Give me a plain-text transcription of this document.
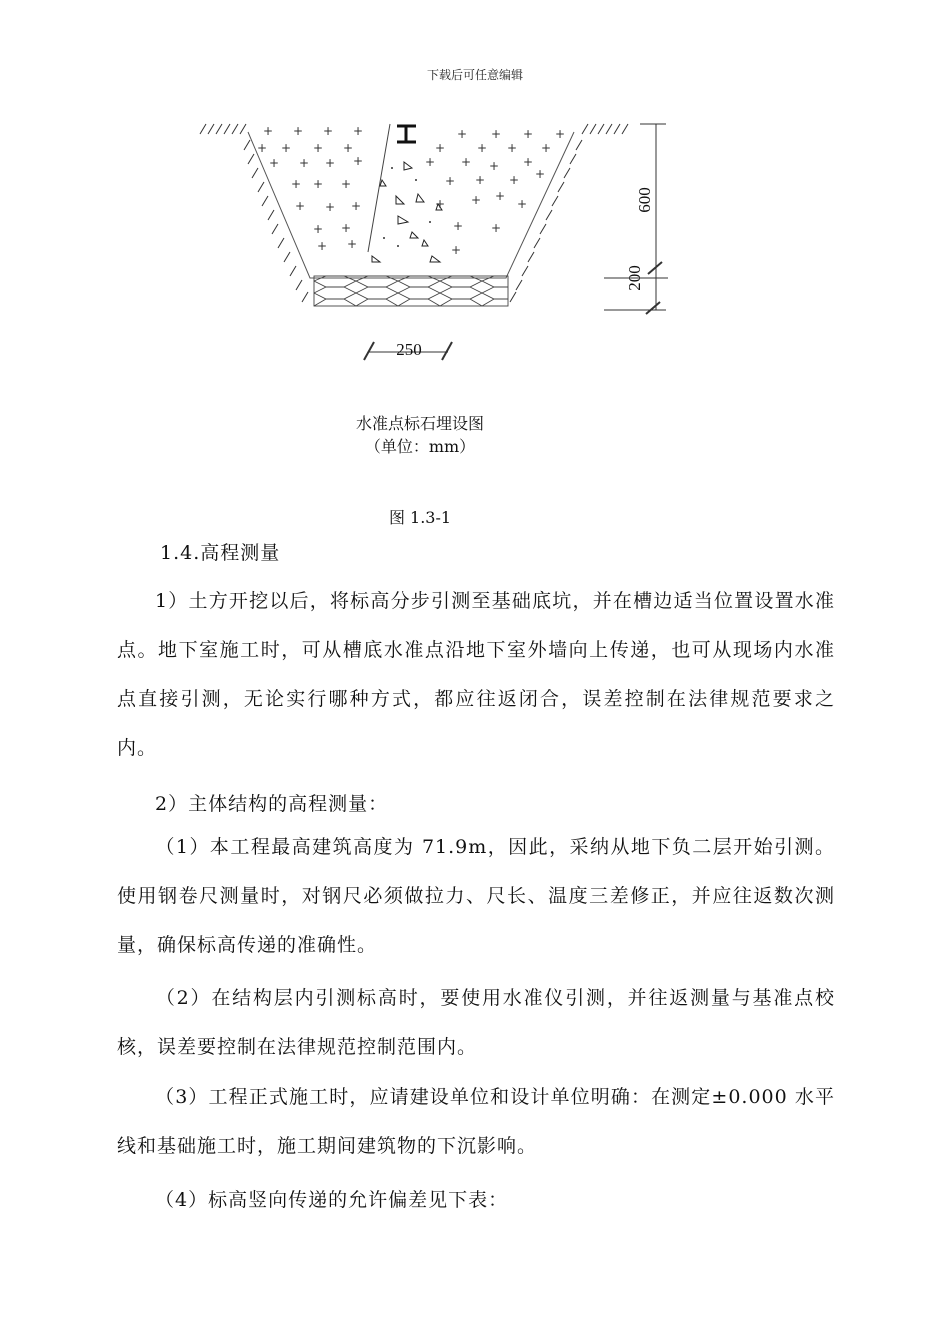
下载后可任意编辑
+ + + +	+ + + +
+ + + +	+	+ + +
+ + + +	+ + + +
+ + +	+ + + +
+ + +	+ + +
+
+ +	+ +
+ +	+
600
200
250
水准点标石埋设图
（单位：mm）
图 1.3-1
1.4.高程测量
1）土方开挖以后，将标高分步引测至基础底坑，并在槽边适当位置设置水准点。地下室施工时，可从槽底水准点沿地下室外墙向上传递，也可从现场内水准点直接引测，无论实行哪种方式，都应往返闭合，误差控制在法律规范要求之内。
2）主体结构的高程测量：
（1）本工程最高建筑高度为 71.9m，因此，采纳从地下负二层开始引测。使用钢卷尺测量时，对钢尺必须做拉力、尺长、温度三差修正，并应往返数次测量，确保标高传递的准确性。
（2）在结构层内引测标高时，要使用水准仪引测，并往返测量与基准点校核，误差要控制在法律规范控制范围内。
（3）工程正式施工时，应请建设单位和设计单位明确：在测定±0.000 水平线和基础施工时，施工期间建筑物的下沉影响。
（4）标高竖向传递的允许偏差见下表：
